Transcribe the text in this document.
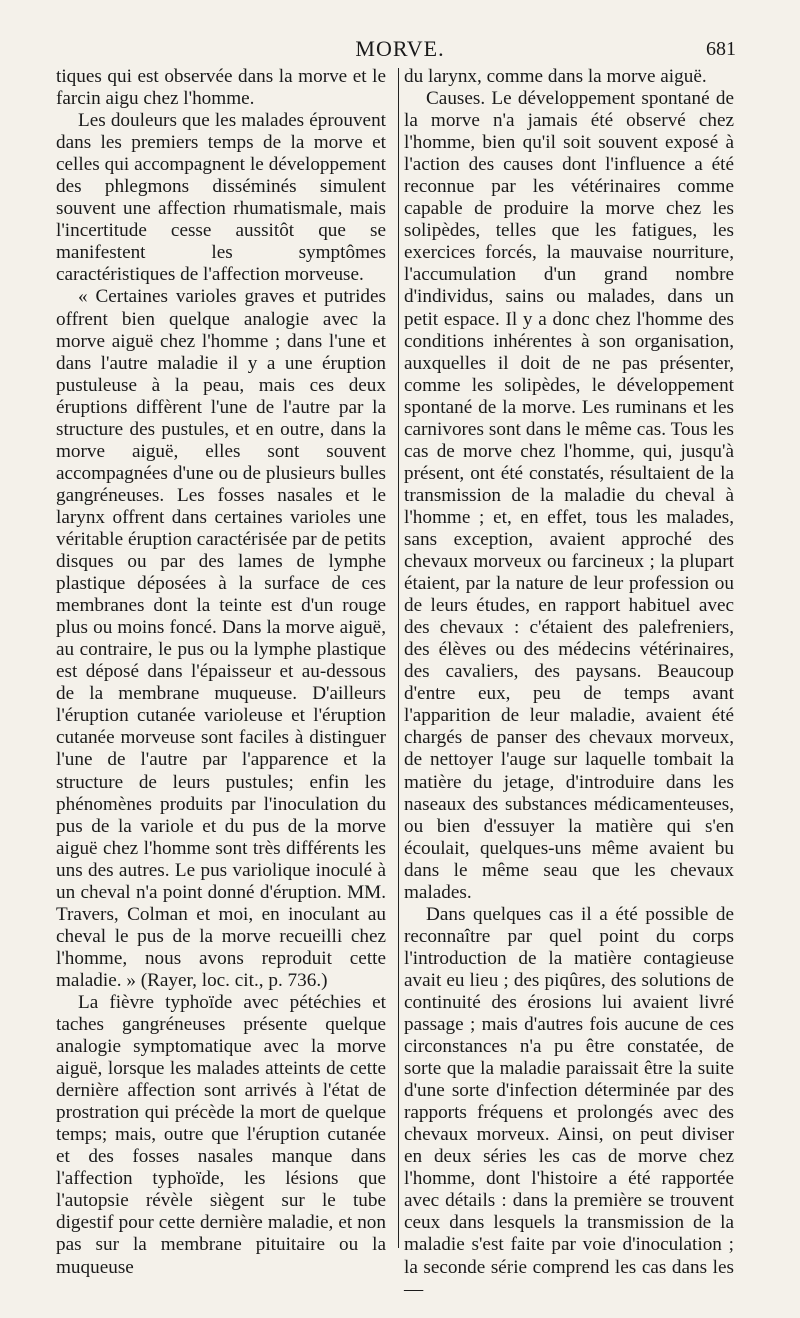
MORVE.	681

tiques qui est observée dans la morve et le farcin aigu chez l'homme.

Les douleurs que les malades éprouvent dans les premiers temps de la morve et celles qui accompagnent le développement des phlegmons disséminés simulent souvent une affection rhumatismale, mais l'incertitude cesse aussitôt que se manifestent les symptômes caractéristiques de l'affection morveuse.

« Certaines varioles graves et putrides offrent bien quelque analogie avec la morve aiguë chez l'homme ; dans l'une et dans l'autre maladie il y a une éruption pustuleuse à la peau, mais ces deux éruptions diffèrent l'une de l'autre par la structure des pustules, et en outre, dans la morve aiguë, elles sont souvent accompagnées d'une ou de plusieurs bulles gangréneuses. Les fosses nasales et le larynx offrent dans certaines varioles une véritable éruption caractérisée par de petits disques ou par des lames de lymphe plastique déposées à la surface de ces membranes dont la teinte est d'un rouge plus ou moins foncé. Dans la morve aiguë, au contraire, le pus ou la lymphe plastique est déposé dans l'épaisseur et au-dessous de la membrane muqueuse. D'ailleurs l'éruption cutanée varioleuse et l'éruption cutanée morveuse sont faciles à distinguer l'une de l'autre par l'apparence et la structure de leurs pustules; enfin les phénomènes produits par l'inoculation du pus de la variole et du pus de la morve aiguë chez l'homme sont très différents les uns des autres. Le pus variolique inoculé à un cheval n'a point donné d'éruption. MM. Travers, Colman et moi, en inoculant au cheval le pus de la morve recueilli chez l'homme, nous avons reproduit cette maladie. » (Rayer, loc. cit., p. 736.)

La fièvre typhoïde avec pétéchies et taches gangréneuses présente quelque analogie symptomatique avec la morve aiguë, lorsque les malades atteints de cette dernière affection sont arrivés à l'état de prostration qui précède la mort de quelque temps; mais, outre que l'éruption cutanée et des fosses nasales manque dans l'affection typhoïde, les lésions que l'autopsie révèle siègent sur le tube digestif pour cette dernière maladie, et non pas sur la membrane pituitaire ou la muqueuse

du larynx, comme dans la morve aiguë.

Causes. Le développement spontané de la morve n'a jamais été observé chez l'homme, bien qu'il soit souvent exposé à l'action des causes dont l'influence a été reconnue par les vétérinaires comme capable de produire la morve chez les solipèdes, telles que les fatigues, les exercices forcés, la mauvaise nourriture, l'accumulation d'un grand nombre d'individus, sains ou malades, dans un petit espace. Il y a donc chez l'homme des conditions inhérentes à son organisation, auxquelles il doit de ne pas présenter, comme les solipèdes, le développement spontané de la morve. Les ruminans et les carnivores sont dans le même cas. Tous les cas de morve chez l'homme, qui, jusqu'à présent, ont été constatés, résultaient de la transmission de la maladie du cheval à l'homme ; et, en effet, tous les malades, sans exception, avaient approché des chevaux morveux ou farcineux ; la plupart étaient, par la nature de leur profession ou de leurs études, en rapport habituel avec des chevaux : c'étaient des palefreniers, des élèves ou des médecins vétérinaires, des cavaliers, des paysans. Beaucoup d'entre eux, peu de temps avant l'apparition de leur maladie, avaient été chargés de panser des chevaux morveux, de nettoyer l'auge sur laquelle tombait la matière du jetage, d'introduire dans les naseaux des substances médicamenteuses, ou bien d'essuyer la matière qui s'en écoulait, quelques-uns même avaient bu dans le même seau que les chevaux malades.

Dans quelques cas il a été possible de reconnaître par quel point du corps l'introduction de la matière contagieuse avait eu lieu ; des piqûres, des solutions de continuité des érosions lui avaient livré passage ; mais d'autres fois aucune de ces circonstances n'a pu être constatée, de sorte que la maladie paraissait être la suite d'une sorte d'infection déterminée par des rapports fréquens et prolongés avec des chevaux morveux. Ainsi, on peut diviser en deux séries les cas de morve chez l'homme, dont l'histoire a été rapportée avec détails : dans la première se trouvent ceux dans lesquels la transmission de la maladie s'est faite par voie d'inoculation ; la seconde série comprend les cas dans les—
